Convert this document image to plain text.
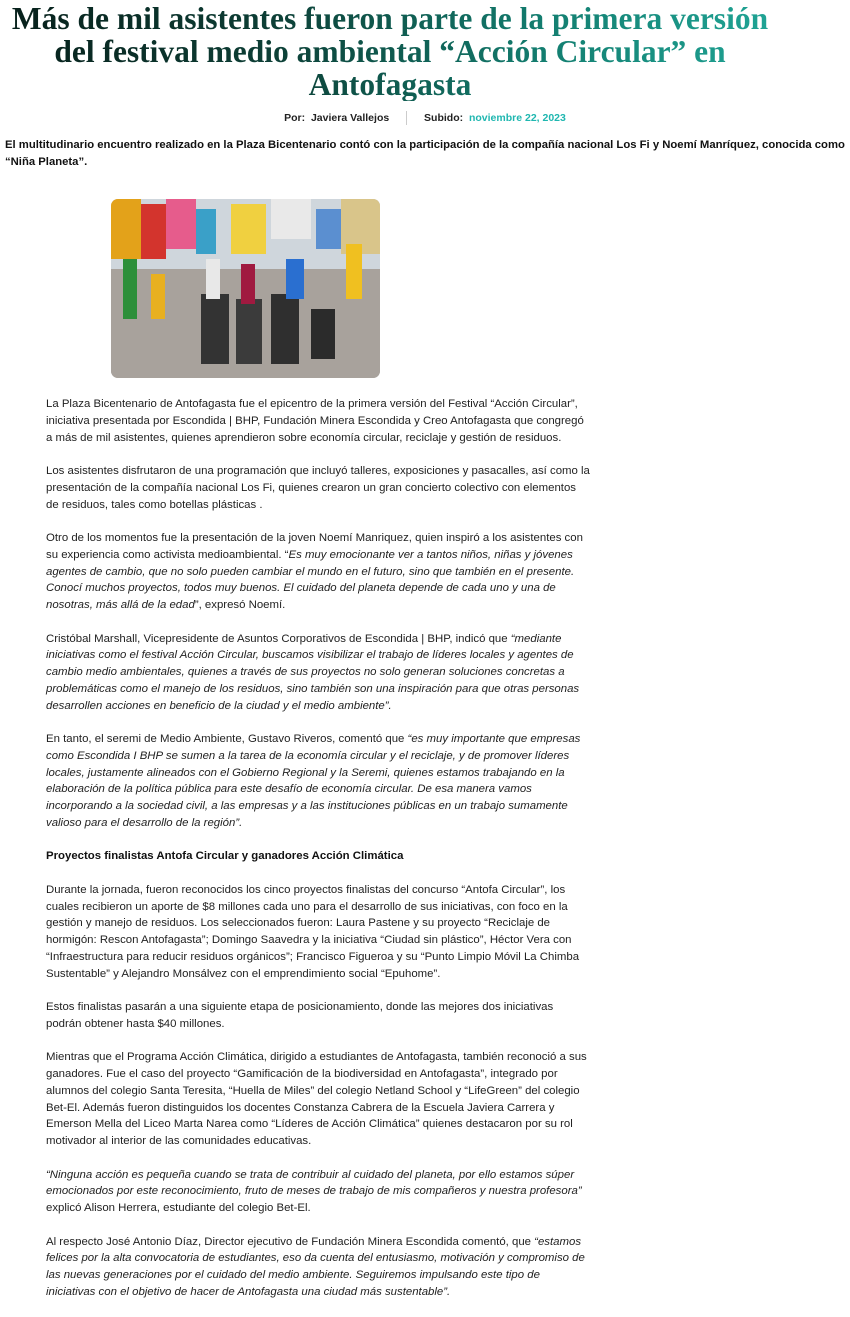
Más de mil asistentes fueron parte de la primera versión del festival medio ambiental “Acción Circular” en Antofagasta
Por: Javiera Vallejos	Subido: noviembre 22, 2023

El multitudinario encuentro realizado en la Plaza Bicentenario contó con la participación de la compañía nacional Los Fi y Noemí Manríquez, conocida como “Niña Planeta”.

La Plaza Bicentenario de Antofagasta fue el epicentro de la primera versión del Festival “Acción Circular”, iniciativa presentada por Escondida | BHP, Fundación Minera Escondida y Creo Antofagasta que congregó a más de mil asistentes, quienes aprendieron sobre economía circular, reciclaje y gestión de residuos.

Los asistentes disfrutaron de una programación que incluyó talleres, exposiciones y pasacalles, así como la presentación de la compañía nacional Los Fi, quienes crearon un gran concierto colectivo con elementos de residuos, tales como botellas plásticas .

Otro de los momentos fue la presentación de la joven Noemí Manriquez, quien inspiró a los asistentes con su experiencia como activista medioambiental. “Es muy emocionante ver a tantos niños, niñas y jóvenes agentes de cambio, que no solo pueden cambiar el mundo en el futuro, sino que también en el presente. Conocí muchos proyectos, todos muy buenos. El cuidado del planeta depende de cada uno y una de nosotras, más allá de la edad”, expresó Noemí.

Cristóbal Marshall, Vicepresidente de Asuntos Corporativos de Escondida | BHP, indicó que “mediante iniciativas como el festival Acción Circular, buscamos visibilizar el trabajo de líderes locales y agentes de cambio medio ambientales, quienes a través de sus proyectos no solo generan soluciones concretas a problemáticas como el manejo de los residuos, sino también son una inspiración para que otras personas desarrollen acciones en beneficio de la ciudad y el medio ambiente”.

En tanto, el seremi de Medio Ambiente, Gustavo Riveros, comentó que “es muy importante que empresas como Escondida I BHP se sumen a la tarea de la economía circular y el reciclaje, y de promover líderes locales, justamente alineados con el Gobierno Regional y la Seremi, quienes estamos trabajando en la elaboración de la política pública para este desafío de economía circular. De esa manera vamos incorporando a la sociedad civil, a las empresas y a las instituciones públicas en un trabajo sumamente valioso para el desarrollo de la región”.

Proyectos finalistas Antofa Circular y ganadores Acción Climática

Durante la jornada, fueron reconocidos los cinco proyectos finalistas del concurso “Antofa Circular”, los cuales recibieron un aporte de $8 millones cada uno para el desarrollo de sus iniciativas, con foco en la gestión y manejo de residuos. Los seleccionados fueron: Laura Pastene y su proyecto “Reciclaje de hormigón: Rescon Antofagasta”; Domingo Saavedra y la iniciativa “Ciudad sin plástico”, Héctor Vera con “Infraestructura para reducir residuos orgánicos”; Francisco Figueroa y su “Punto Limpio Móvil La Chimba Sustentable” y Alejandro Monsálvez con el emprendimiento social “Epuhome”.

Estos finalistas pasarán a una siguiente etapa de posicionamiento, donde las mejores dos iniciativas podrán obtener hasta $40 millones.

Mientras que el Programa Acción Climática, dirigido a estudiantes de Antofagasta, también reconoció a sus ganadores. Fue el caso del proyecto “Gamificación de la biodiversidad en Antofagasta”, integrado por alumnos del colegio Santa Teresita, “Huella de Miles” del colegio Netland School y “LifeGreen” del colegio Bet-El. Además fueron distinguidos los docentes Constanza Cabrera de la Escuela Javiera Carrera y Emerson Mella del Liceo Marta Narea como “Líderes de Acción Climática” quienes destacaron por su rol motivador al interior de las comunidades educativas.

“Ninguna acción es pequeña cuando se trata de contribuir al cuidado del planeta, por ello estamos súper emocionados por este reconocimiento, fruto de meses de trabajo de mis compañeros y nuestra profesora” explicó Alison Herrera, estudiante del colegio Bet-El.

Al respecto José Antonio Díaz, Director ejecutivo de Fundación Minera Escondida comentó, que “estamos felices por la alta convocatoria de estudiantes, eso da cuenta del entusiasmo, motivación y compromiso de las nuevas generaciones por el cuidado del medio ambiente. Seguiremos impulsando este tipo de iniciativas con el objetivo de hacer de Antofagasta una ciudad más sustentable”.
